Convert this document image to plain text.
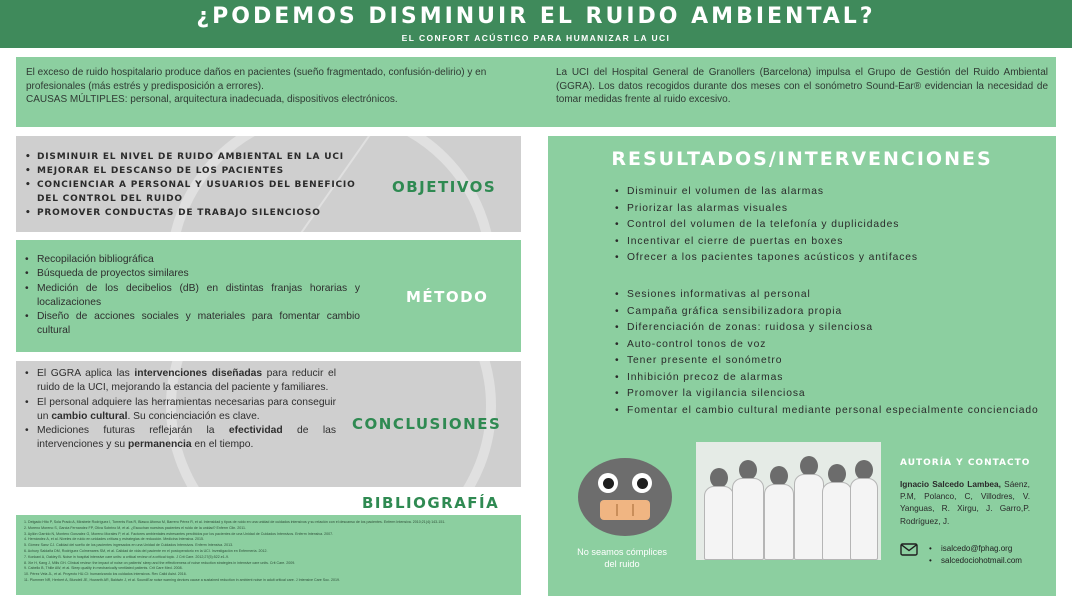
¿PODEMOS DISMINUIR EL RUIDO AMBIENTAL?
EL CONFORT ACÚSTICO PARA HUMANIZAR LA UCI
El exceso de ruido hospitalario produce daños en pacientes (sueño fragmentado, confusión-delirio) y en profesionales (más estrés y predisposición a errores).
CAUSAS MÚLTIPLES: personal, arquitectura inadecuada, dispositivos electrónicos.
La UCI del Hospital General de Granollers (Barcelona) impulsa el Grupo de Gestión del Ruido Ambiental (GGRA). Los datos recogidos durante dos meses con el sonómetro Sound-Ear® evidencian la necesidad de tomar medidas frente al ruido excesivo.
• DISMINUIR EL NIVEL DE RUIDO AMBIENTAL EN LA UCI
• MEJORAR EL DESCANSO DE LOS PACIENTES
• CONCIENCIAR A PERSONAL Y USUARIOS DEL BENEFICIO DEL CONTROL DEL RUIDO
• PROMOVER CONDUCTAS DE TRABAJO SILENCIOSO
OBJETIVOS
• Recopilación bibliográfica
• Búsqueda de proyectos similares
• Medición de los decibelios (dB) en distintas franjas horarias y localizaciones
• Diseño de acciones sociales y materiales para fomentar cambio cultural
MÉTODO
• El GGRA aplica las intervenciones diseñadas para reducir el ruido de la UCI, mejorando la estancia del paciente y familiares.
• El personal adquiere las herramientas necesarias para conseguir un cambio cultural. Su concienciación es clave.
• Mediciones futuras reflejarán la efectividad de las intervenciones y su permanencia en el tiempo.
CONCLUSIONES
BIBLIOGRAFÍA
1. Delgado Hito P, Sola Prado A, Mirabete Rodríguez I, Torrents Ros R, Blasco Afonso M, Barrero Pérez R, et al. Intensidad y tipos de ruido en una unidad de cuidados intensivos y su relación con el descanso de los pacientes. Enferm Intensiva. 2010;21(4):143-151.
2. Moreno Moreno S, Garcia Fernandez FP, Oliva Sobrino M, et al. ¿Escuchan nuestros pacientes el ruido de la unidad? Enferm Clin. 2011.
3. Ayllón Garrido N, Montero Gonzalez G, Moreno Morales P, et al. Factores ambientales estresantes percibidos por los pacientes de una Unidad de Cuidados Intensivos. Enferm Intensiva. 2007.
4. Hernández A, et al. Niveles de ruido en unidades críticas y estrategias de reducción. Medicina Intensiva. 2015.
5. Gómez Sanz CJ. Calidad del sueño de los pacientes ingresados en una Unidad de Cuidados Intensivos. Enferm Intensiva. 2013.
6. Achury Saldaña DM, Rodríguez Colmenares SM, et al. Calidad de vida del paciente en el postoperatorio en la UCI. Investigación en Enfermería. 2012.
7. Konkani A, Oakley B. Noise in hospital intensive care units: a critical review of a critical topic. J Crit Care. 2012;27(5):522.e1-9.
8. Xie H, Kang J, Mills GH. Clinical review: the impact of noise on patients' sleep and the effectiveness of noise reduction strategies in intensive care units. Crit Care. 2009.
9. Cabello B, Thille AW, et al. Sleep quality in mechanically ventilated patients. Crit Care Med. 2008.
10. Pérez Vela JL, et al. Proyecto HU-CI: humanizando los cuidados intensivos. Rev Calid Asist. 2016.
11. Plummer NR, Herbert A, Blundell JE, Howarth AR, Baldwin J, et al. SoundEar noise warning devices cause a sustained reduction in ambient noise in adult critical care. J Intensive Care Soc. 2019.
RESULTADOS/INTERVENCIONES
• Disminuir el volumen de las alarmas
• Priorizar las alarmas visuales
• Control del volumen de la telefonía y duplicidades
• Incentivar el cierre de puertas en boxes
• Ofrecer a los pacientes tapones acústicos y antifaces
• Sesiones informativas al personal
• Campaña gráfica sensibilizadora propia
• Diferenciación de zonas: ruidosa y silenciosa
• Auto-control tonos de voz
• Tener presente el sonómetro
• Inhibición precoz de alarmas
• Promover la vigilancia silenciosa
• Fomentar el cambio cultural mediante personal especialmente concienciado
No seamos cómplices
del ruido
AUTORÍA Y CONTACTO
Ignacio Salcedo Lambea, Sáenz, P.M, Polanco, C, Villodres, V. Yanguas, R. Xirgu, J. Garro,P. Rodríguez, J.
• isalcedo@fphag.org
• salcedociohotmail.com
